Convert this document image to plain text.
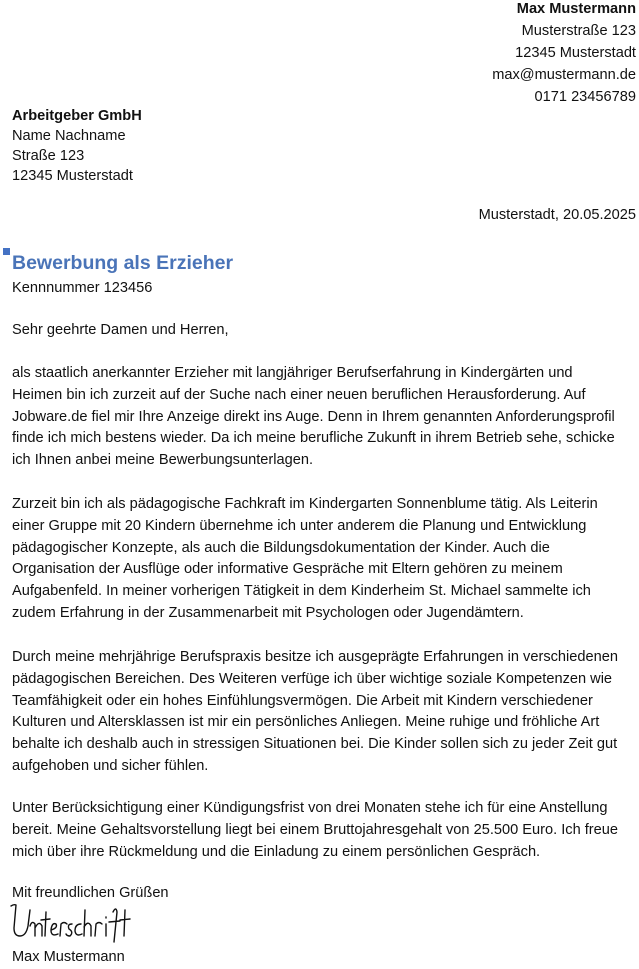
Max Mustermann
Musterstraße 123
12345 Musterstadt
max@mustermann.de
0171 23456789
Arbeitgeber GmbH
Name Nachname
Straße 123
12345 Musterstadt
Musterstadt, 20.05.2025
Bewerbung als Erzieher
Kennnummer 123456
Sehr geehrte Damen und Herren,
als staatlich anerkannter Erzieher mit langjähriger Berufserfahrung in Kindergärten und
Heimen bin ich zurzeit auf der Suche nach einer neuen beruflichen Herausforderung. Auf
Jobware.de fiel mir Ihre Anzeige direkt ins Auge. Denn in Ihrem genannten Anforderungsprofil
finde ich mich bestens wieder. Da ich meine berufliche Zukunft in ihrem Betrieb sehe, schicke
ich Ihnen anbei meine Bewerbungsunterlagen.
Zurzeit bin ich als pädagogische Fachkraft im Kindergarten Sonnenblume tätig. Als Leiterin
einer Gruppe mit 20 Kindern übernehme ich unter anderem die Planung und Entwicklung
pädagogischer Konzepte, als auch die Bildungsdokumentation der Kinder. Auch die
Organisation der Ausflüge oder informative Gespräche mit Eltern gehören zu meinem
Aufgabenfeld. In meiner vorherigen Tätigkeit in dem Kinderheim St. Michael sammelte ich
zudem Erfahrung in der Zusammenarbeit mit Psychologen oder Jugendämtern.
Durch meine mehrjährige Berufspraxis besitze ich ausgeprägte Erfahrungen in verschiedenen
pädagogischen Bereichen. Des Weiteren verfüge ich über wichtige soziale Kompetenzen wie
Teamfähigkeit oder ein hohes Einfühlungsvermögen. Die Arbeit mit Kindern verschiedener
Kulturen und Altersklassen ist mir ein persönliches Anliegen. Meine ruhige und fröhliche Art
behalte ich deshalb auch in stressigen Situationen bei. Die Kinder sollen sich zu jeder Zeit gut
aufgehoben und sicher fühlen.
Unter Berücksichtigung einer Kündigungsfrist von drei Monaten stehe ich für eine Anstellung
bereit. Meine Gehaltsvorstellung liegt bei einem Bruttojahresgehalt von 25.500 Euro. Ich freue
mich über ihre Rückmeldung und die Einladung zu einem persönlichen Gespräch.
Mit freundlichen Grüßen
Max Mustermann
